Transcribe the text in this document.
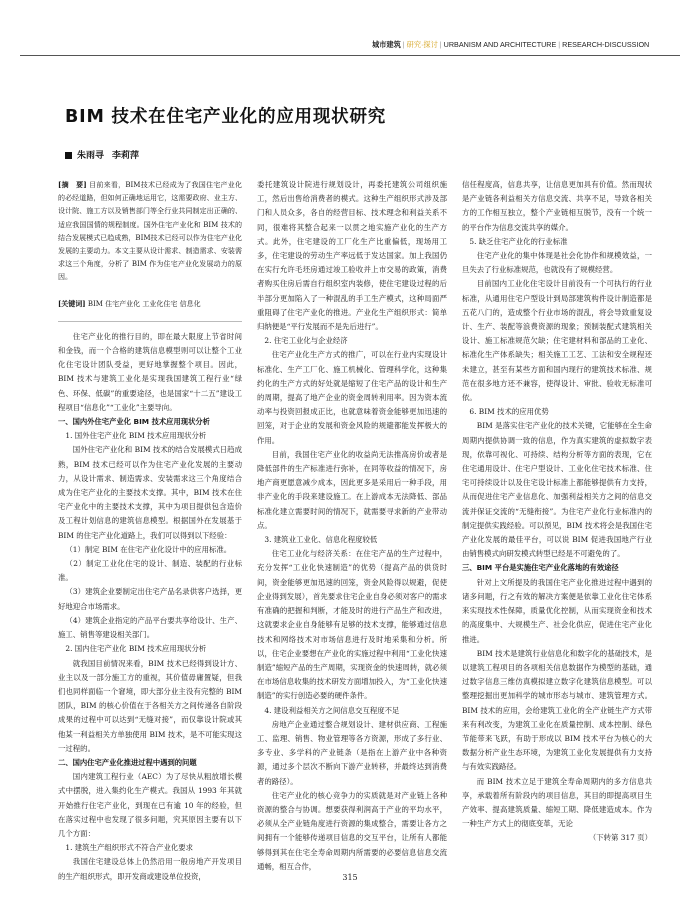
城市建筑 | 研究·探讨 | URBANISM AND ARCHITECTURE | RESEARCH-DISCUSSION
BIM 技术在住宅产业化的应用现状研究
朱雨寻 李莉萍
[摘　要] 目前来看，BIM技术已经成为了我国住宅产业化的必经道路，但如何正确地运用它，这需要政府、业主方、设计院、施工方以及销售部门等全行业共同制定出正确的、适应我国国情的规程制度。国外住宅产业化和 BIM 技术的结合发展模式已趋成熟，BIM技术已经可以作为住宅产业化发展的主要动力。本文主要从设计需求、制造需求、安装需求这三个角度，分析了 BIM 作为住宅产业化发展动力的原因。
[关键词] BIM 住宅产业化 工业化住宅 信息化

住宅产业化的推行目的，即在最大限度上节省时间和金钱，而一个合格的建筑信息模型则可以让整个工业化住宅设计团队受益，更好地掌握整个项目。因此，BIM 技术与建筑工业化是实现我国建筑工程行业“绿色、环保、低碳”的重要途径，也是国家“十二五”建设工程项目“信息化”“工业化”主要导向。

一、国内外住宅产业化 BIM 技术应用现状分析

1. 国外住宅产业化 BIM 技术应用现状分析

国外住宅产业化和 BIM 技术的结合发展模式日趋成熟，BIM 技术已经可以作为住宅产业化发展的主要动力，从设计需求、制造需求、安装需求这三个角度结合成为住宅产业化的主要技术支撑。其中，BIM 技术在住宅产业化中的主要技术支撑，其中为项目提供包含造价及工程计划信息的建筑信息模型。根据国外在发展基于 BIM 的住宅产业化道路上，我们可以得到以下经验：

（1）制定 BIM 在住宅产业化设计中的应用标准。

（2）制定工业化住宅的设计、制造、装配的行业标准。

（3）建筑企业要制定出住宅产品名录供客户选择，更好地迎合市场需求。

（4）建筑企业指定的产品平台要共享给设计、生产、施工、销售等建设相关部门。

2. 国内住宅产业化 BIM 技术应用现状分析

就我国目前情况来看，BIM 技术已经得到设计方、业主以及一部分施工方的重视，其价值毋庸置疑，但我们也同样面临一个窘境，即大部分业主没有完整的 BIM 团队，BIM 的核心价值在于各相关方之间传递各自阶段成果的过程中可以达到“无缝对接”，而仅靠设计院或其他某一利益相关方单独使用 BIM 技术，是不可能实现这一过程的。

二、国内住宅产业化推进过程中遇到的问题

国内建筑工程行业（AEC）为了尽快从粗放增长模式中摆脱，进入集约化生产模式。我国从 1993 年其就开始推行住宅产业化，到现在已有逾 10 年的经验，但在落实过程中也发现了很多问题，究其原因主要有以下几个方面：

1. 建筑生产组织形式不符合产业化要求

我国住宅建设总体上仍然沿用一般房地产开发项目的生产组织形式，即开发商或建设单位投资，

委托建筑设计院进行规划设计，再委托建筑公司组织施工，然后出售给消费者的模式。这种生产组织形式涉及部门和人员众多，各自的经营目标、技术理念和利益关系不同，很难将其整合起来一以贯之地实施产业化的生产方式。此外，住宅建设的工厂化生产比重偏低，现场用工多，住宅建设的劳动生产率远低于发达国家。加上我国仍在实行允许毛坯房通过竣工验收并上市交易的政策，消费者购买住房后需自行组织室内装修，使住宅建设过程的后半部分更加陷入了一种混乱的手工生产模式，这种局面严重阻碍了住宅产业化的推进。产业化生产组织形式：简单归纳便是“平行发展而不是先后进行”。

2. 住宅工业化与企业经济

住宅产业化生产方式的推广，可以在行业内实现设计标准化、生产工厂化、施工机械化、管理科学化，这种集约化的生产方式的好处就是缩短了住宅产品的设计和生产的周期，提高了地产企业的资金周转利用率。因为资本流动率与投资回报成正比，也就意味着资金能够更加迅速的回笼，对于企业的发展和资金风险的规避都能发挥极大的作用。

目前，我国住宅产业化的收益尚无法推高房价或者是降低部件的生产标准进行弥补，在同等收益的情况下，房地产商更愿意减少成本，因此更多是采用后一种手段，用非产业化的手段来建设施工。在上游成本无法降低、部品标准化建立需要时间的情况下，就需要寻求新的产业带动点。

3. 建筑业工业化、信息化程度较低

住宅工业化与经济关系：在住宅产品的生产过程中，充分发挥“工业化快速制造”的优势（提高产品的供货时间，资金能够更加迅速的回笼，资金风险得以规避，促使企业得到发展），首先要求住宅企业自身必须对客户的需求有准确的把握和判断，才能及时的进行产品生产和改进，这就要求企业自身能够有足够的技术支撑，能够通过信息技术和网络技术对市场信息进行及时地采集和分析。所以，住宅企业要想在产业化的实施过程中利用“工业化快速制造”缩短产品的生产周期，实现资金的快速周转，就必须在市场信息收集的技术研发方面增加投入，为“工业化快速制造”的实行创造必要的硬件条件。

4. 建设利益相关方之间信息交互程度不足

房地产企业通过整合规划设计、建材供应商、工程施工、监理、销售、物业管理等各方资源，形成了多行业、多专业、多学科的产业链条（是指在上游产业中各种资源，通过多个层次不断向下游产业转移，并最终达到消费者的路径）。

住宅产业化的核心竞争力的实质就是对产业链上各种资源的整合与协调。想要获得利润高于产业的平均水平，必须从全产业链角度进行资源的集成整合，需要让各方之间拥有一个能够传递项目信息的交互平台，让所有人都能够得到其在住宅全寿命周期内所需要的必要信息信息交流通畅，相互合作，

信任程度高，信息共享，让信息更加具有价值。然而现状是产业链各利益相关方信息交流、共享不足，导致各相关方的工作相互独立，整个产业链相互脱节，没有一个统一的平台作为信息交流共享的媒介。

5. 缺乏住宅产业化的行业标准

住宅产业化的集中体现是社会化协作和规模效益，一旦失去了行业标准规范，也就没有了规模经营。

目前国内工业化住宅设计目前没有一个可执行的行业标准，从通用住宅户型设计到局部建筑构件设计制造都是五花八门的，造成整个行业市场的混乱，将会导致重复设计、生产、装配等浪费资源的现象；预制装配式建筑相关设计、施工标准规范欠缺；住宅建材料和部品的工业化、标准化生产体系缺失；相关施工工艺、工法和安全规程还未建立，甚至有某些方面和国内现行的建筑技术标准、规范在很多地方还不兼容，使得设计、审批、验收无标准可依。

6. BIM 技术的应用优势

BIM 是落实住宅产业化的技术关键，它能够在全生命周期内提供协调一致的信息，作为真实建筑的虚拟数字表现，依靠可视化、可持续、结构分析等方面的表现，它在住宅通用设计、住宅户型设计、工业化住宅技术标准、住宅可持续设计以及住宅设计标准上都能够提供有力支持，从而促进住宅产业信息化、加强利益相关方之间的信息交流并保证交流的“无缝衔接”。为住宅产业化行业标准内的制定提供实践经验。可以预见，BIM 技术将会是我国住宅产业化发展的最佳平台，可以说 BIM 促进我国地产行业由销售模式向研发模式转型已经是不可避免的了。

三、BIM 平台是实施住宅产业化落地的有效途径

针对上文所提及的我国住宅产业化推进过程中遇到的诸多问题，行之有效的解决方案便是依靠工业化住宅体系来实现技术性保障，质量优化控制，从而实现资金和技术的高度集中、大规模生产、社会化供应，促进住宅产业化推进。

BIM 技术是建筑行业信息化和数字化的基础技术，是以建筑工程项目的各项相关信息数据作为模型的基础，通过数字信息三维仿真模拟建立数字化建筑信息模型。可以整理挖掘出更加科学的城市形态与城市、建筑管理方式。BIM 技术的应用，会给建筑工业化的全产业链生产方式带来有利改变，为建筑工业化在质量控制、成本控制、绿色节能带来飞跃，有助于形成以 BIM 技术平台为核心的大数据分析产业生态环境，为建筑工业化发展提供有力支持与有效实践路径。

而 BIM 技术立足于建筑全寿命周期内的多方信息共享，承载着所有阶段内的项目信息，其目的即提高项目生产效率、提高建筑质量、缩短工期、降低建造成本。作为一种生产方式上的彻底变革，无论

（下转第 317 页）

315
